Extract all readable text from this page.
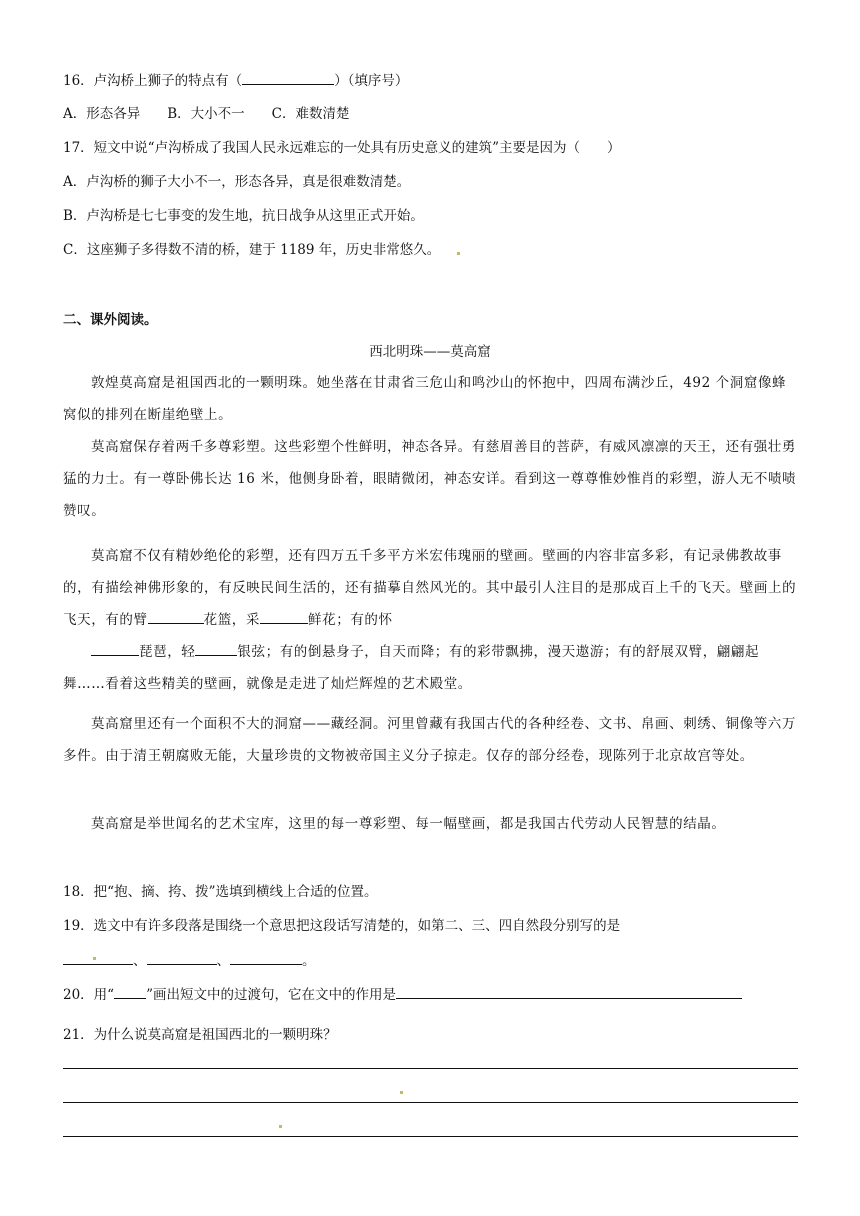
16．卢沟桥上狮子的特点有（	）（填序号）
A．形态各异　　B．大小不一　　C．难数清楚
17．短文中说“卢沟桥成了我国人民永远难忘的一处具有历史意义的建筑”主要是因为（　　）
A．卢沟桥的狮子大小不一，形态各异，真是很难数清楚。
B．卢沟桥是七七事变的发生地，抗日战争从这里正式开始。
C．这座狮子多得数不清的桥，建于 1189 年，历史非常悠久。
二、课外阅读。
西北明珠——莫高窟
敦煌莫高窟是祖国西北的一颗明珠。她坐落在甘肃省三危山和鸣沙山的怀抱中，四周布满沙丘，492 个洞窟像蜂窝似的排列在断崖绝壁上。
莫高窟保存着两千多尊彩塑。这些彩塑个性鲜明，神态各异。有慈眉善目的菩萨，有威风凛凛的天王，还有强壮勇猛的力士。有一尊卧佛长达 16 米，他侧身卧着，眼睛微闭，神态安详。看到这一尊尊惟妙惟肖的彩塑，游人无不啧啧赞叹。
莫高窟不仅有精妙绝伦的彩塑，还有四万五千多平方米宏伟瑰丽的壁画。壁画的内容非富多彩，有记录佛教故事的，有描绘神佛形象的，有反映民间生活的，还有描摹自然风光的。其中最引人注目的是那成百上千的飞天。壁画上的飞天，有的臂	花篮，采	鲜花；有的怀
琵琶，轻	银弦；有的倒悬身子，自天而降；有的彩带飘拂，漫天遨游；有的舒展双臂，翩翩起舞……看着这些精美的壁画，就像是走进了灿烂辉煌的艺术殿堂。
莫高窟里还有一个面积不大的洞窟——藏经洞。河里曾藏有我国古代的各种经卷、文书、帛画、刺绣、铜像等六万多件。由于清王朝腐败无能，大量珍贵的文物被帝国主义分子掠走。仅存的部分经卷，现陈列于北京故宫等处。
莫高窟是举世闻名的艺术宝库，这里的每一尊彩塑、每一幅壁画，都是我国古代劳动人民智慧的结晶。
18．把“抱、摘、挎、拨”选填到横线上合适的位置。
19．选文中有许多段落是围绕一个意思把这段话写清楚的，如第二、三、四自然段分别写的是
、	、	。
20．用“ ”画出短文中的过渡句，它在文中的作用是
21．为什么说莫高窟是祖国西北的一颗明珠？
